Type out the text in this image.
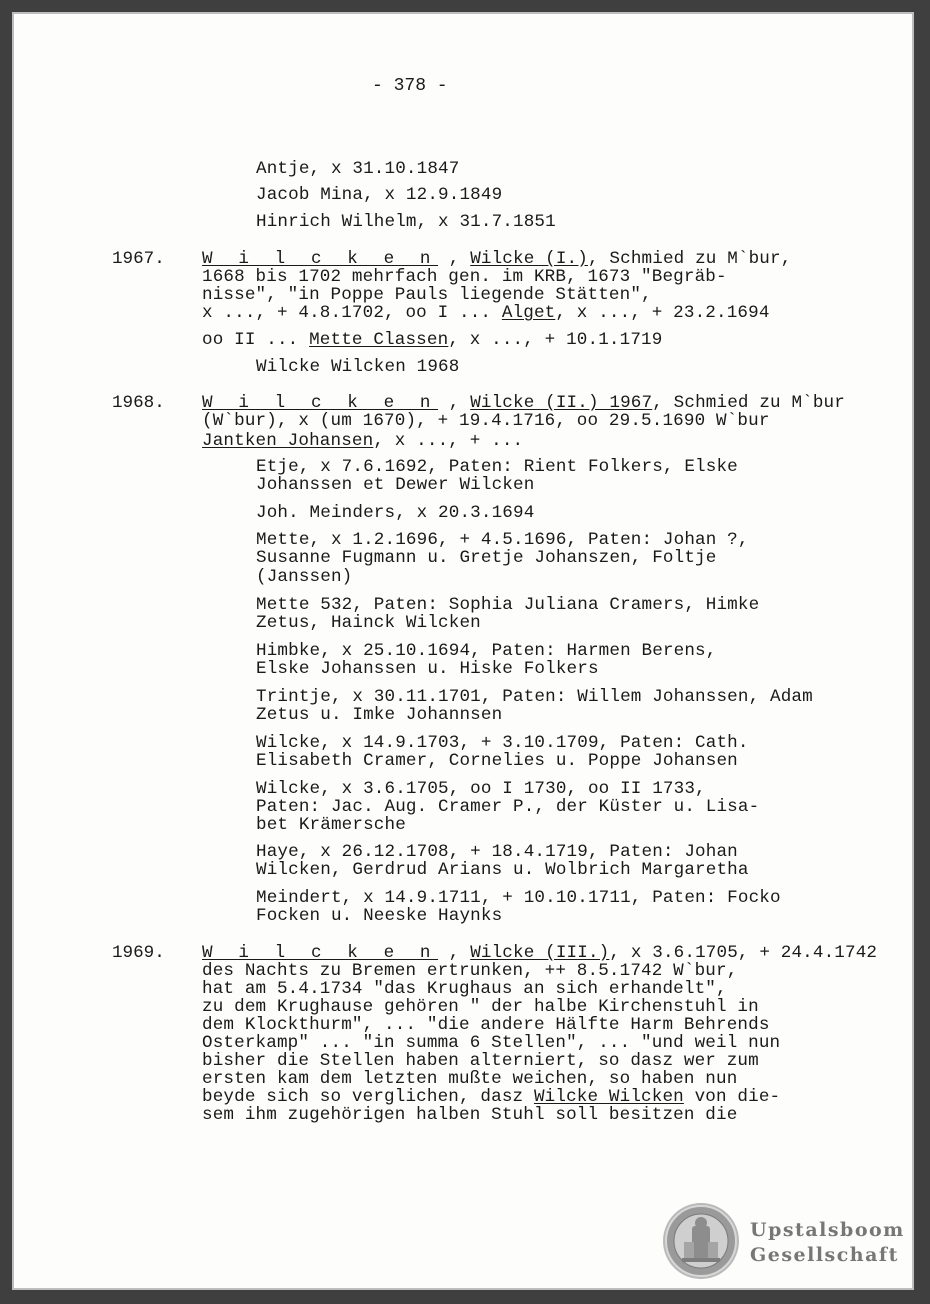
- 378 -
Antje, x 31.10.1847
Jacob Mina, x 12.9.1849
Hinrich Wilhelm, x 31.7.1851
1967. W i l c k e n , Wilcke (I.), Schmied zu M`bur,
1668 bis 1702 mehrfach gen. im KRB, 1673 "Begräb-
nisse", "in Poppe Pauls liegende Stätten",
x ..., + 4.8.1702, oo I ... Alget, x ..., + 23.2.1694
oo II ... Mette Classen, x ..., + 10.1.1719
Wilcke Wilcken 1968
1968. W i l c k e n , Wilcke (II.) 1967, Schmied zu M`bur
(W`bur), x (um 1670), + 19.4.1716, oo 29.5.1690 W`bur
Jantken Johansen, x ..., + ...
Etje, x 7.6.1692, Paten: Rient Folkers, Elske
Johanssen et Dewer Wilcken
Joh. Meinders, x 20.3.1694
Mette, x 1.2.1696, + 4.5.1696, Paten: Johan ?,
Susanne Fugmann u. Gretje Johanszen, Foltje
(Janssen)
Mette 532, Paten: Sophia Juliana Cramers, Himke
Zetus, Hainck Wilcken
Himbke, x 25.10.1694, Paten: Harmen Berens,
Elske Johanssen u. Hiske Folkers
Trintje, x 30.11.1701, Paten: Willem Johanssen, Adam
Zetus u. Imke Johannsen
Wilcke, x 14.9.1703, + 3.10.1709, Paten: Cath.
Elisabeth Cramer, Cornelies u. Poppe Johansen
Wilcke, x 3.6.1705, oo I 1730, oo II 1733,
Paten: Jac. Aug. Cramer P., der Küster u. Lisa-
bet Krämersche
Haye, x 26.12.1708, + 18.4.1719, Paten: Johan
Wilcken, Gerdrud Arians u. Wolbrich Margaretha
Meindert, x 14.9.1711, + 10.10.1711, Paten: Focko
Focken u. Neeske Haynks
1969. W i l c k e n , Wilcke (III.), x 3.6.1705, + 24.4.1742
des Nachts zu Bremen ertrunken, ++ 8.5.1742 W`bur,
hat am 5.4.1734 "das Krughaus an sich erhandelt",
zu dem Krughause gehören " der halbe Kirchenstuhl in
dem Klockthurm", ... "die andere Hälfte Harm Behrends
Osterkamp" ... "in summa 6 Stellen", ... "und weil nun
bisher die Stellen haben alterniert, so dasz wer zum
ersten kam dem letzten mußte weichen, so haben nun
beyde sich so verglichen, dasz Wilcke Wilcken von die-
sem ihm zugehörigen halben Stuhl soll besitzen die
Upstalsboom
Gesellschaft
